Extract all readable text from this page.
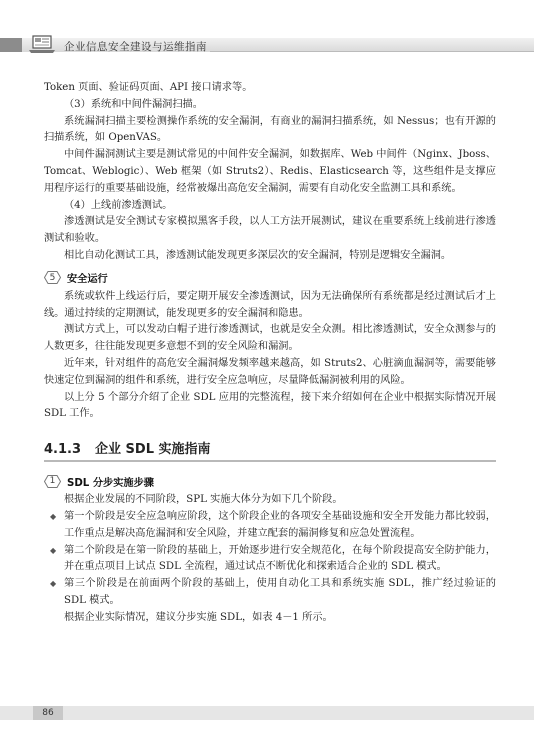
企业信息安全建设与运维指南

Token 页面、验证码页面、API 接口请求等。

（3）系统和中间件漏洞扫描。

系统漏洞扫描主要检测操作系统的安全漏洞，有商业的漏洞扫描系统，如 Nessus；也有开源的扫描系统，如 OpenVAS。

中间件漏洞测试主要是测试常见的中间件安全漏洞，如数据库、Web 中间件（Nginx、Jboss、Tomcat、Weblogic）、Web 框架（如 Struts2）、Redis、Elasticsearch 等，这些组件是支撑应用程序运行的重要基础设施，经常被爆出高危安全漏洞，需要有自动化安全监测工具和系统。

（4）上线前渗透测试。

渗透测试是安全测试专家模拟黑客手段，以人工方法开展测试，建议在重要系统上线前进行渗透测试和验收。

相比自动化测试工具，渗透测试能发现更多深层次的安全漏洞，特别是逻辑安全漏洞。

5 安全运行

系统或软件上线运行后，要定期开展安全渗透测试，因为无法确保所有系统都是经过测试后才上线。通过持续的定期测试，能发现更多的安全漏洞和隐患。

测试方式上，可以发动白帽子进行渗透测试，也就是安全众测。相比渗透测试，安全众测参与的人数更多，往往能发现更多意想不到的安全风险和漏洞。

近年来，针对组件的高危安全漏洞爆发频率越来越高，如 Struts2、心脏滴血漏洞等，需要能够快速定位到漏洞的组件和系统，进行安全应急响应，尽量降低漏洞被利用的风险。

以上分 5 个部分介绍了企业 SDL 应用的完整流程，接下来介绍如何在企业中根据实际情况开展 SDL 工作。

4.1.3 企业 SDL 实施指南
1 SDL 分步实施步骤

根据企业发展的不同阶段，SPL 实施大体分为如下几个阶段。

◆ 第一个阶段是安全应急响应阶段，这个阶段企业的各项安全基础设施和安全开发能力都比较弱，工作重点是解决高危漏洞和安全风险，并建立配套的漏洞修复和应急处置流程。

◆ 第二个阶段是在第一阶段的基础上，开始逐步进行安全规范化，在每个阶段提高安全防护能力，并在重点项目上试点 SDL 全流程，通过试点不断优化和探索适合企业的 SDL 模式。

◆ 第三个阶段是在前面两个阶段的基础上，使用自动化工具和系统实施 SDL，推广经过验证的 SDL 模式。

根据企业实际情况，建议分步实施 SDL，如表 4－1 所示。

86
